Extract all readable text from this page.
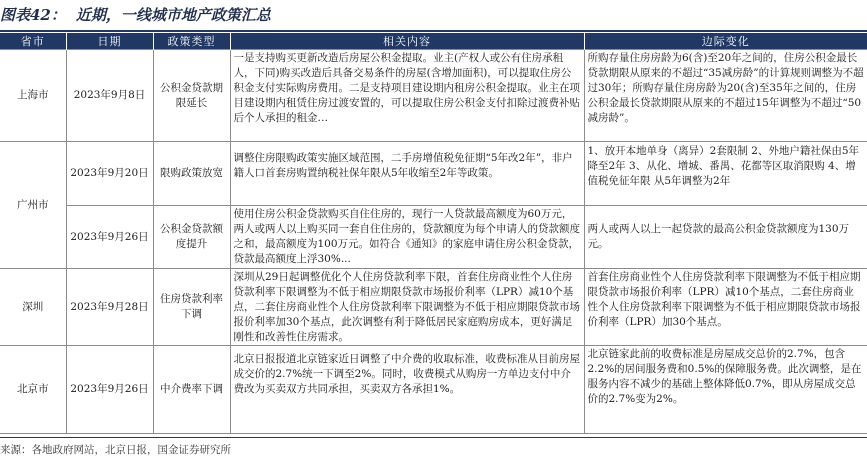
图表42： 近期，一线城市地产政策汇总
省市	日期	政策类型	相关内容	边际变化
上海市	2023年9月8日	公积金贷款期限延长	一是支持购买更新改造后房屋公积金提取。业主(产权人或公有住房承租人，下同)购买改造后具备交易条件的房屋(含增加面积)，可以提取住房公积金支付实际购房费用。二是支持项目建设期内租房公积金提取。业主在项目建设期内租赁住房过渡安置的，可以提取住房公积金支付扣除过渡费补贴后个人承担的租金…	所购存量住房房龄为6(含)至20年之间的，住房公积金最长贷款期限从原来的不超过“35减房龄”的计算规则调整为不超过30年；所购存量住房房龄为20(含)至35年之间的，住房公积金最长贷款期限从原来的不超过15年调整为不超过“50减房龄”。

广州市	2023年9月20日	限购政策放宽	调整住房限购政策实施区域范围，二手房增值税免征期“5年改2年”，非户籍人口首套房购置纳税社保年限从5年收缩至2年等政策。	1、放开本地单身（离异）2套限制 2、外地户籍社保由5年降至2年 3、从化、增城、番禺、花都等区取消限购 4、增值税免征年限 从5年调整为2年

	2023年9月26日	公积金贷款额度提升	使用住房公积金贷款购买自住住房的，现行一人贷款最高额度为60万元，两人或两人以上购买同一套自住住房的，贷款额度为每个申请人的贷款额度之和，最高额度为100万元。如符合《通知》的家庭申请住房公积金贷款，贷款最高额度上浮30%...	两人或两人以上一起贷款的最高公积金贷款额度为130万元。

深圳	2023年9月28日	住房贷款利率下调	深圳从29日起调整优化个人住房贷款利率下限，首套住房商业性个人住房贷款利率下限调整为不低于相应期限贷款市场报价利率（LPR）减10个基点，二套住房商业性个人住房贷款利率下限调整为不低于相应期限贷款市场报价利率加30个基点，此次调整有利于降低居民家庭购房成本，更好满足刚性和改善性住房需求。	首套住房商业性个人住房贷款利率下限调整为不低于相应期限贷款市场报价利率（LPR）减10个基点，二套住房商业性个人住房贷款利率下限调整为不低于相应期限贷款市场报价利率（LPR）加30个基点。

北京市	2023年9月26日	中介费率下调	北京日报报道北京链家近日调整了中介费的收取标准，收费标准从目前房屋成交价的2.7%统一下调至2%。同时，收费模式从购房一方单边支付中介费改为买卖双方共同承担，买卖双方各承担1%。	北京链家此前的收费标准是房屋成交总价的2.7%，包含2.2%的居间服务费和0.5%的保障服务费。此次调整，是在服务内容不减少的基础上整体降低0.7%，即从房屋成交总价的2.7%变为2%。
来源：各地政府网站，北京日报，国金证券研究所
